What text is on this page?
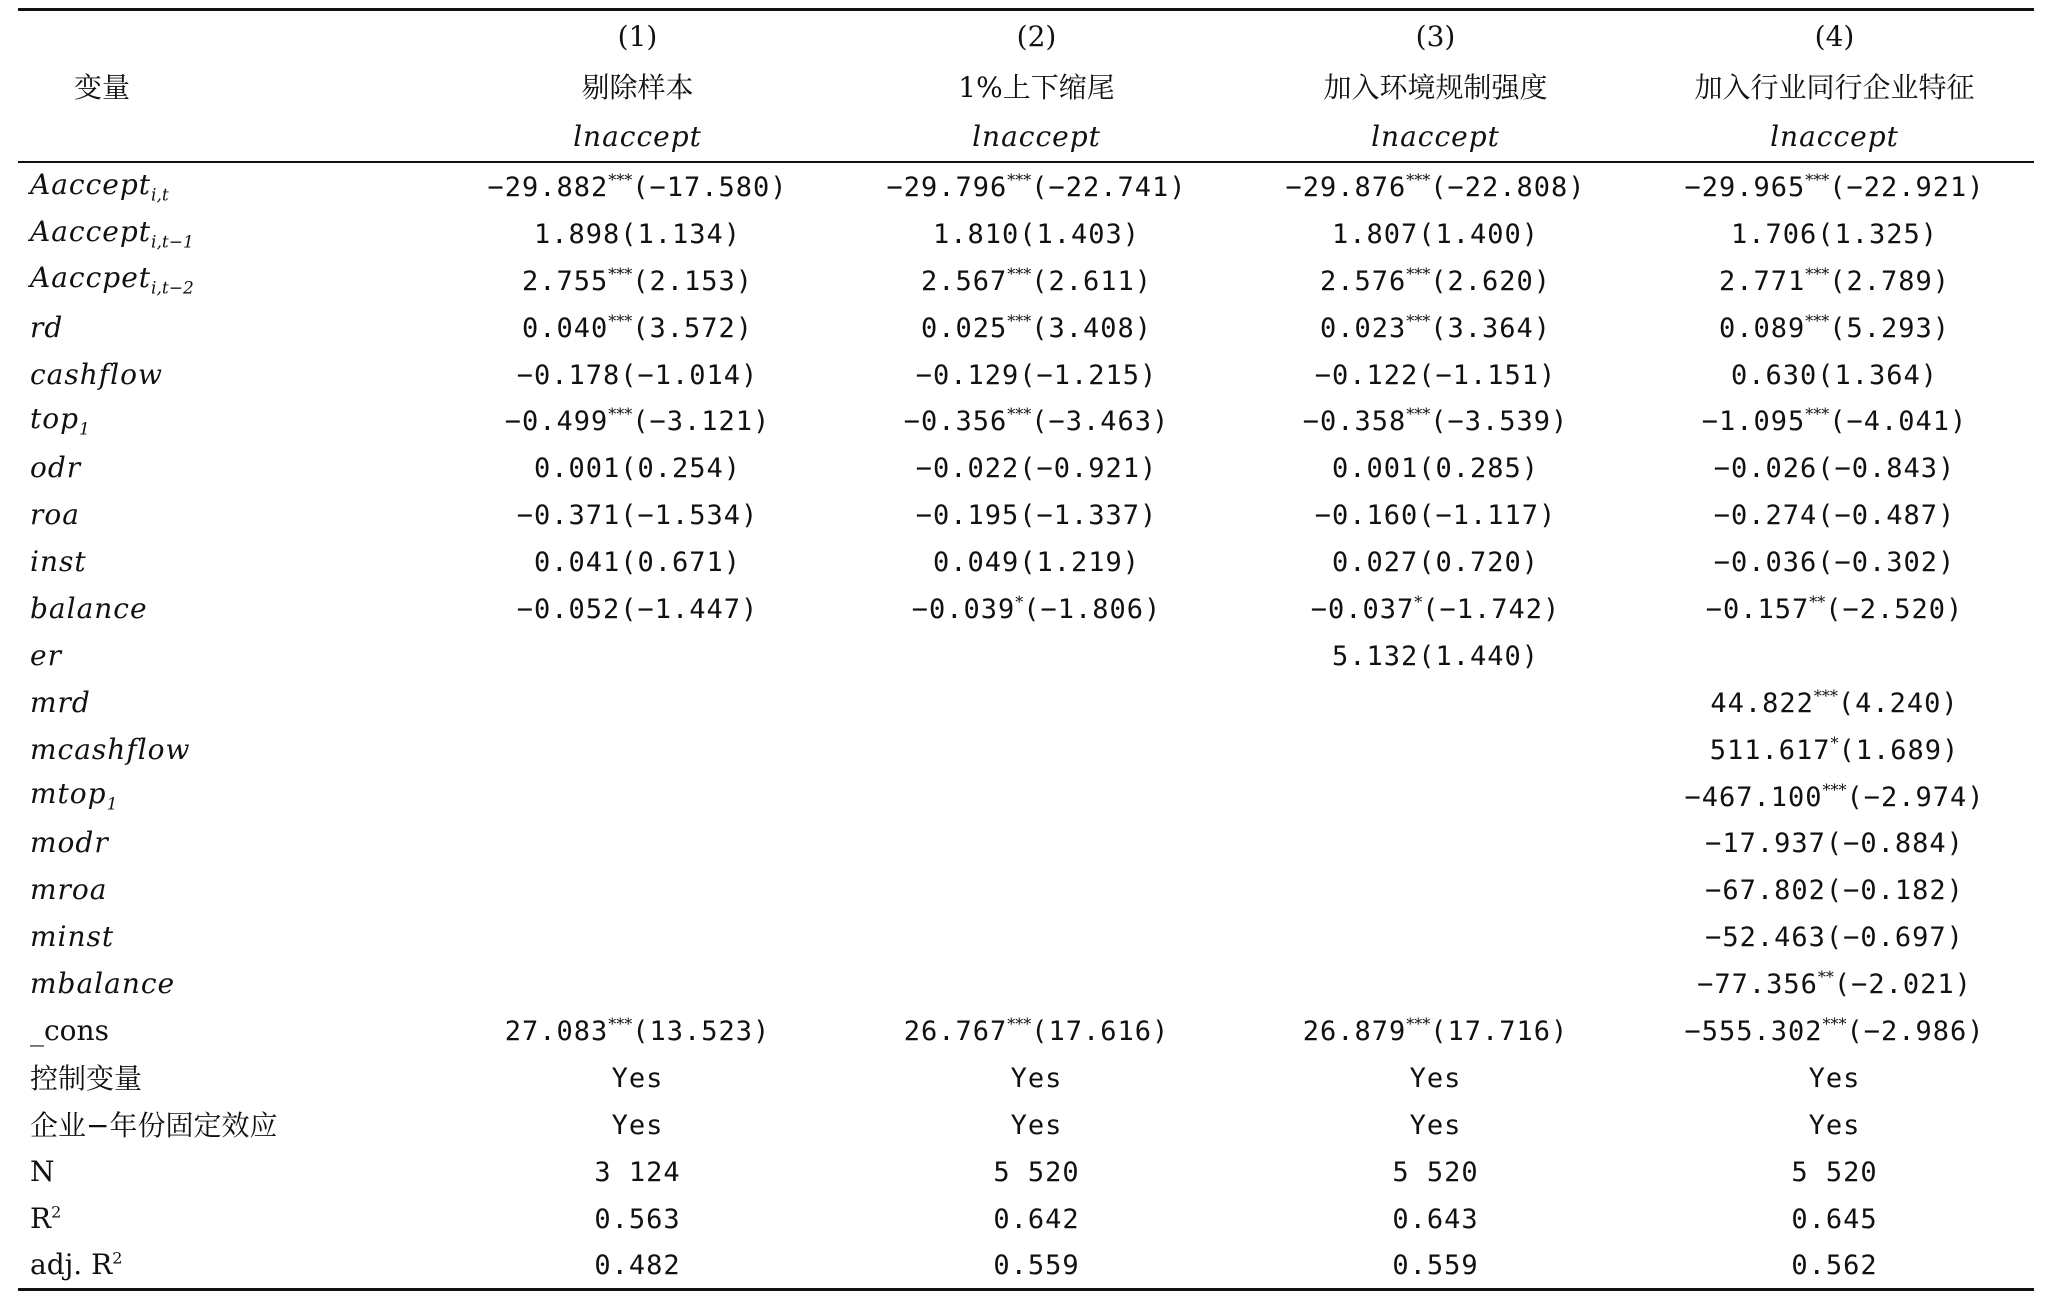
	(1)	(2)	(3)	(4)
变量	剔除样本	1%上下缩尾	加入环境规制强度	加入行业同行企业特征
	lnaccept	lnaccept	lnaccept	lnaccept
Aaccept$_{i,t}$	−29.882***(−17.580)	−29.796***(−22.741)	−29.876***(−22.808)	−29.965***(−22.921)
Aaccept$_{i,t-1}$	1.898(1.134)	1.810(1.403)	1.807(1.400)	1.706(1.325)
Aaccpet$_{i,t-2}$	2.755***(2.153)	2.567***(2.611)	2.576***(2.620)	2.771***(2.789)
rd	0.040***(3.572)	0.025***(3.408)	0.023***(3.364)	0.089***(5.293)
cashflow	−0.178(−1.014)	−0.129(−1.215)	−0.122(−1.151)	0.630(1.364)
top$_1$	−0.499***(−3.121)	−0.356***(−3.463)	−0.358***(−3.539)	−1.095***(−4.041)
odr	0.001(0.254)	−0.022(−0.921)	0.001(0.285)	−0.026(−0.843)
roa	−0.371(−1.534)	−0.195(−1.337)	−0.160(−1.117)	−0.274(−0.487)
inst	0.041(0.671)	0.049(1.219)	0.027(0.720)	−0.036(−0.302)
balance	−0.052(−1.447)	−0.039*(−1.806)	−0.037*(−1.742)	−0.157**(−2.520)
er			5.132(1.440)	
mrd				44.822***(4.240)
mcashflow				511.617*(1.689)
mtop$_1$				−467.100***(−2.974)
modr				−17.937(−0.884)
mroa				−67.802(−0.182)
minst				−52.463(−0.697)
mbalance				−77.356**(−2.021)
_cons	27.083***(13.523)	26.767***(17.616)	26.879***(17.716)	−555.302***(−2.986)
控制变量	Yes	Yes	Yes	Yes
企业−年份固定效应	Yes	Yes	Yes	Yes
N	3 124	5 520	5 520	5 520
$R^2$	0.563	0.642	0.643	0.645
adj. $R^2$	0.482	0.559	0.559	0.562
